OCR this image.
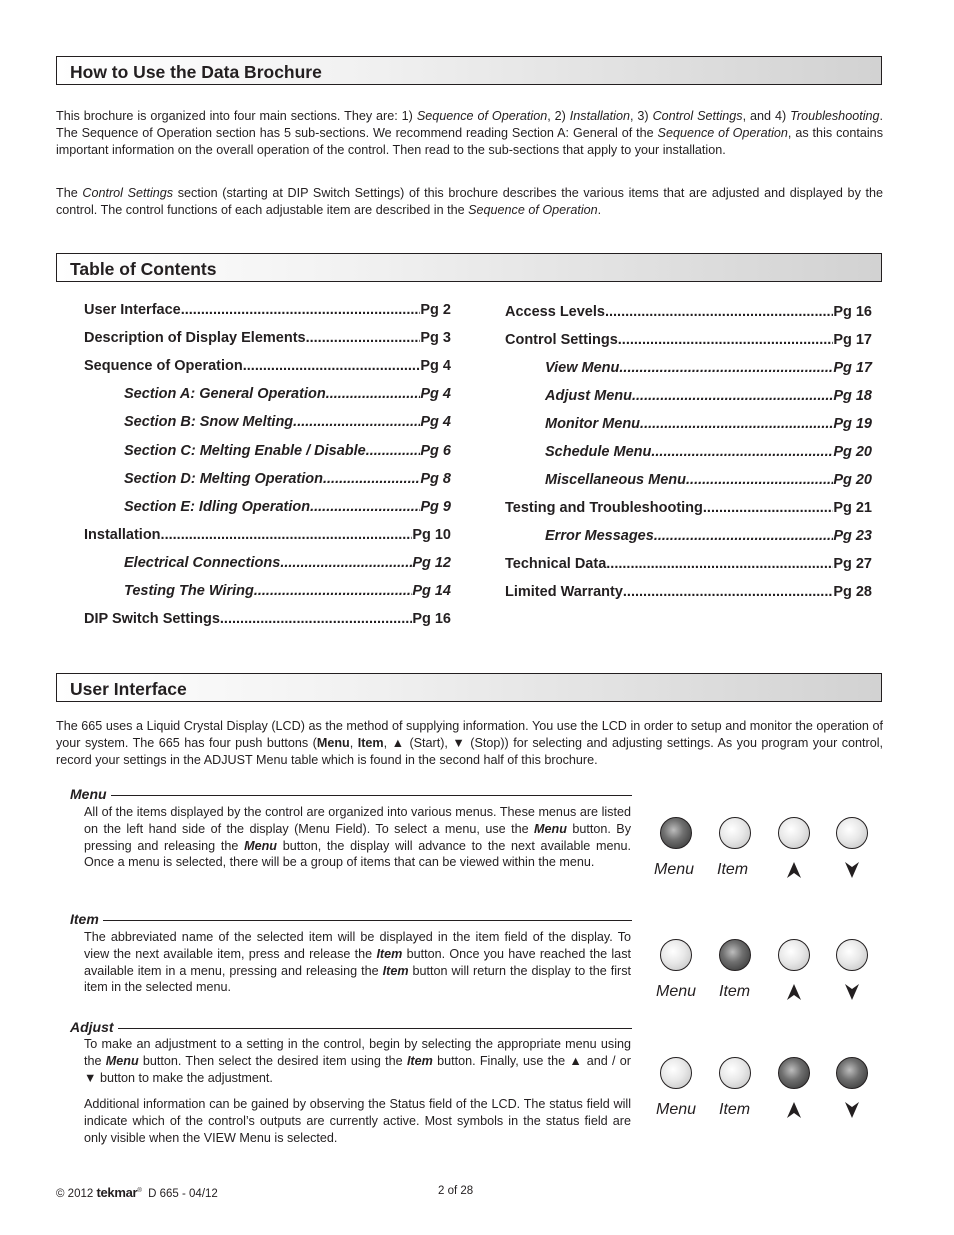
How to Use the Data Brochure

This brochure is organized into four main sections. They are: 1) Sequence of Operation, 2) Installation, 3) Control Settings, and 4) Troubleshooting. The Sequence of Operation section has 5 sub-sections. We recommend reading Section A: General of the Sequence of Operation, as this contains important information on the overall operation of the control. Then read to the sub-sections that apply to your installation.

The Control Settings section (starting at DIP Switch Settings) of this brochure describes the various items that are adjusted and displayed by the control. The control functions of each adjustable item are described in the Sequence of Operation.

Table of Contents
User Interface .....	Pg 2
Description of Display Elements .....	Pg 3
Sequence of Operation .....	Pg 4
Section A: General Operation .....	Pg 4
Section B: Snow Melting .....	Pg 4
Section C: Melting Enable / Disable .....	Pg 6
Section D: Melting Operation .....	Pg 8
Section E: Idling Operation .....	Pg 9
Installation .....	Pg 10
Electrical Connections .....	Pg 12
Testing The Wiring .....	Pg 14
DIP Switch Settings .....	Pg 16
Access Levels .....	Pg 16
Control Settings .....	Pg 17
View Menu .....	Pg 17
Adjust Menu .....	Pg 18
Monitor Menu .....	Pg 19
Schedule Menu .....	Pg 20
Miscellaneous Menu .....	Pg 20
Testing and Troubleshooting .....	Pg 21
Error Messages .....	Pg 23
Technical Data .....	Pg 27
Limited Warranty .....	Pg 28
User Interface

The 665 uses a Liquid Crystal Display (LCD) as the method of supplying information. You use the LCD in order to setup and monitor the operation of your system. The 665 has four push buttons (Menu, Item, ▲ (Start), ▼ (Stop)) for selecting and adjusting settings. As you program your control, record your settings in the ADJUST Menu table which is found in the second half of this brochure.

Menu

All of the items displayed by the control are organized into various menus. These menus are listed on the left hand side of the display (Menu Field). To select a menu, use the Menu button. By pressing and releasing the Menu button, the display will advance to the next available menu. Once a menu is selected, there will be a group of items that can be viewed within the menu.

Item

The abbreviated name of the selected item will be displayed in the item field of the display. To view the next available item, press and release the Item button. Once you have reached the last available item in a menu, pressing and releasing the Item button will return the display to the first item in the selected menu.

Adjust

To make an adjustment to a setting in the control, begin by selecting the appropriate menu using the Menu button. Then select the desired item using the Item button. Finally, use the ▲ and / or ▼ button to make the adjustment.

Additional information can be gained by observing the Status field of the LCD. The status field will indicate which of the control’s outputs are currently active. Most symbols in the status field are only visible when the VIEW Menu is selected.

Menu Item
Menu Item
Menu Item
© 2012 tekmar® D 665 - 04/12	2 of 28
